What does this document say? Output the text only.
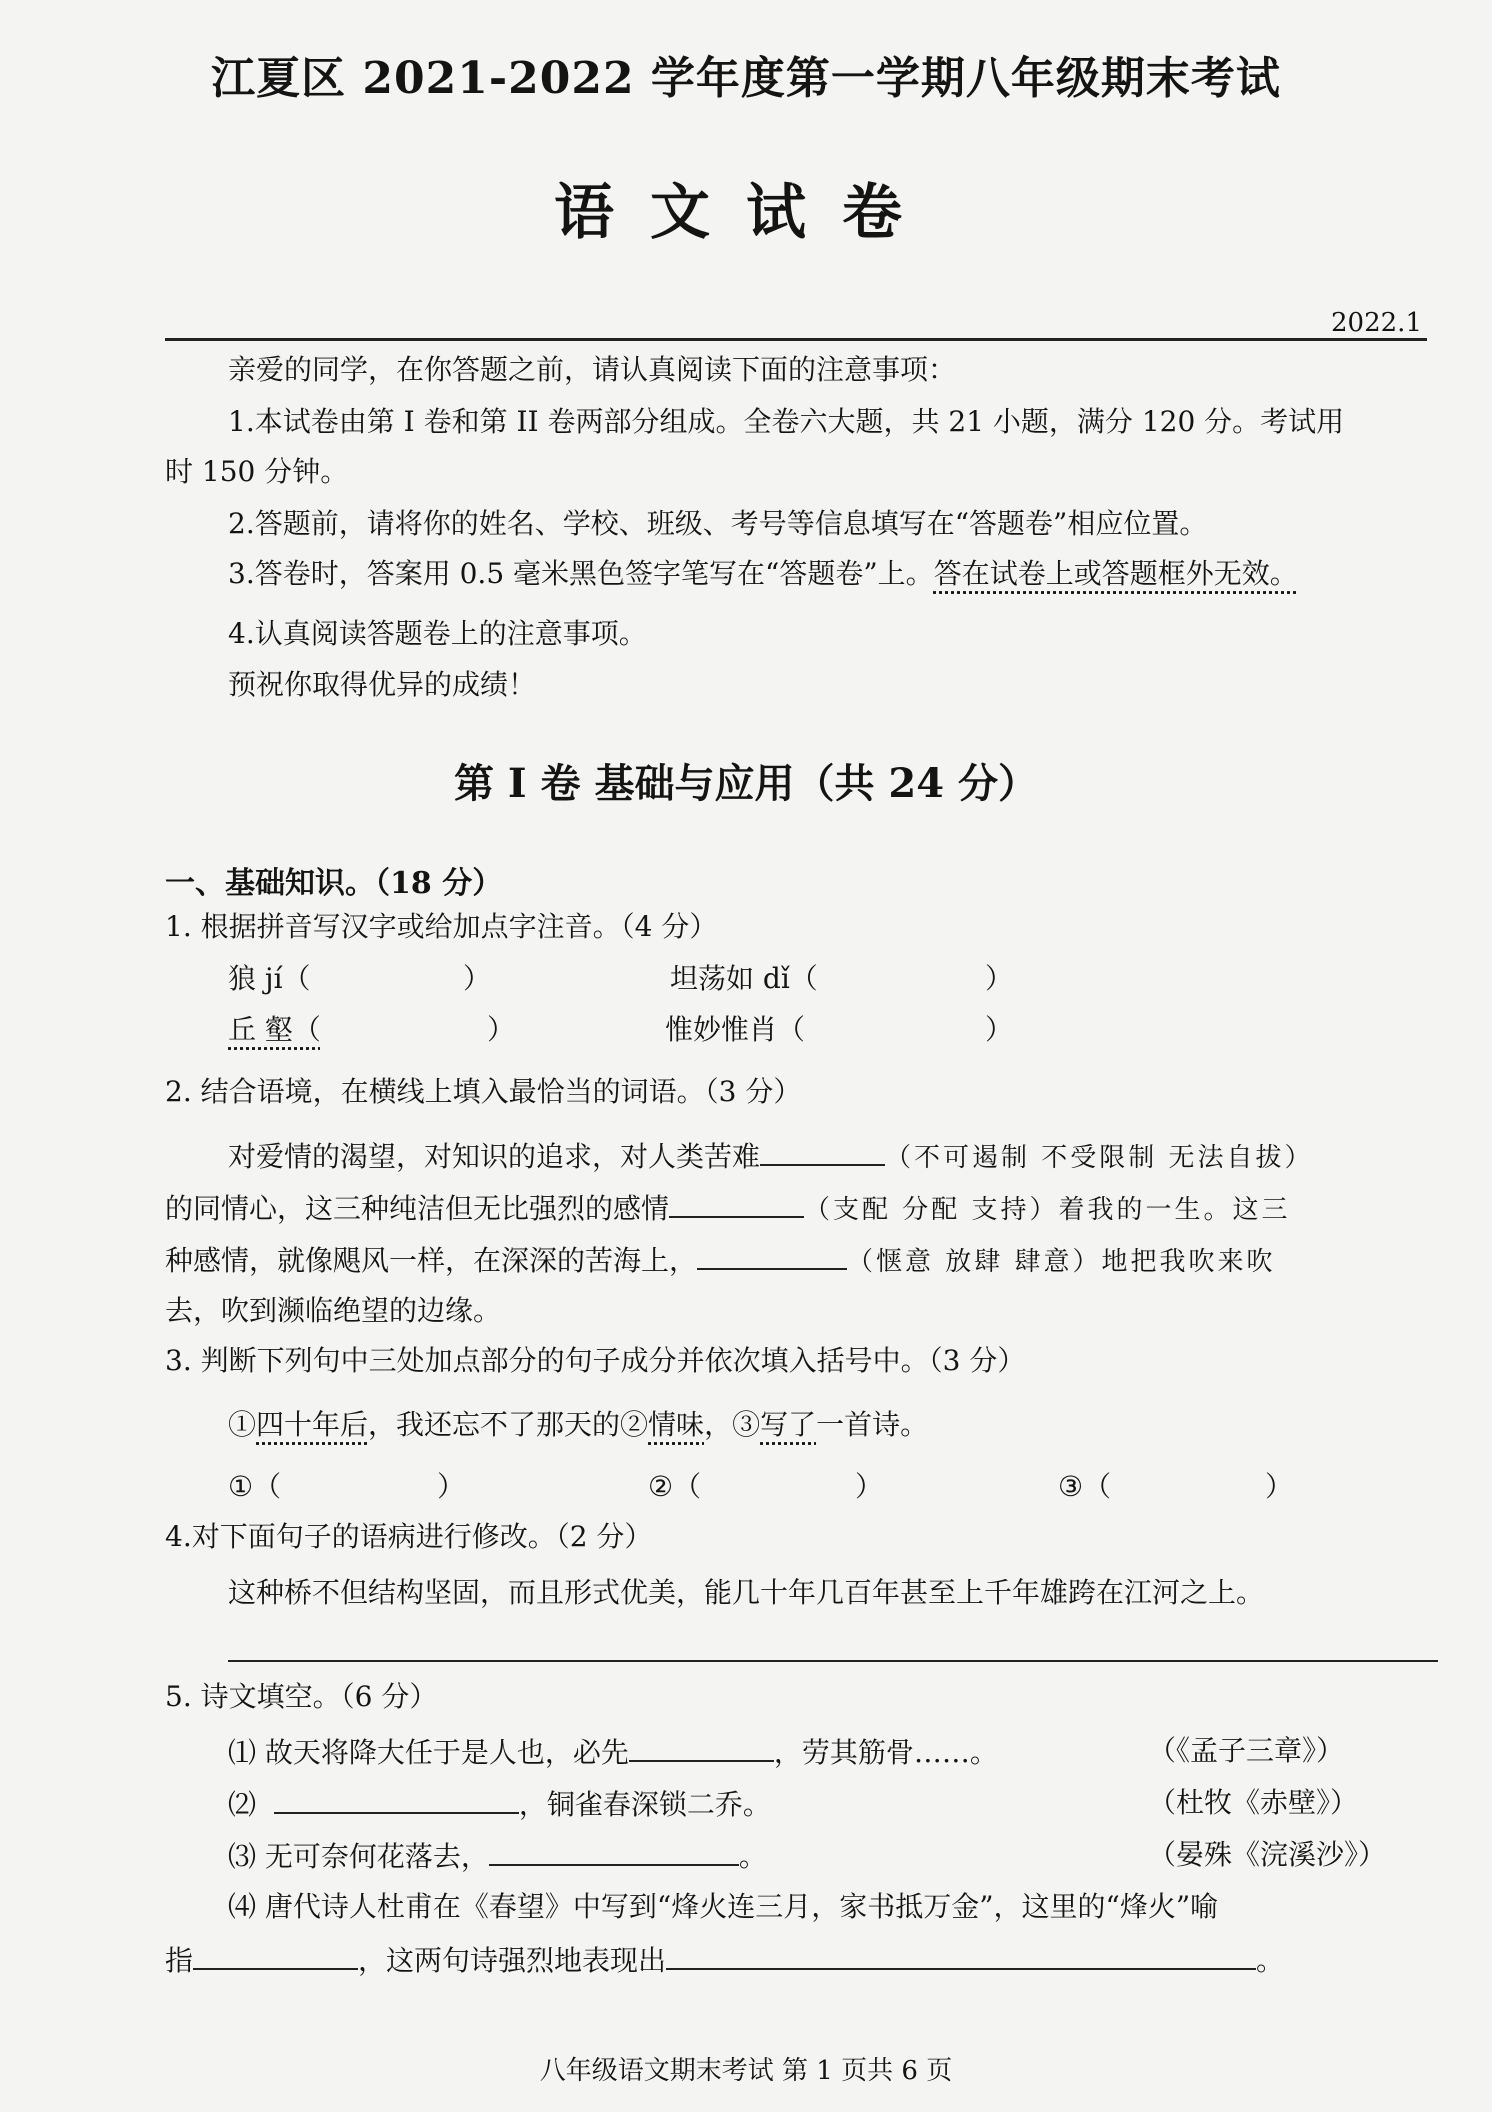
江夏区 2021-2022 学年度第一学期八年级期末考试
语文试卷
2022.1
亲爱的同学，在你答题之前，请认真阅读下面的注意事项：
1.本试卷由第 I 卷和第 II 卷两部分组成。全卷六大题，共 21 小题，满分 120 分。考试用
时 150 分钟。
2.答题前，请将你的姓名、学校、班级、考号等信息填写在“答题卷”相应位置。
3.答卷时，答案用 0.5 毫米黑色签字笔写在“答题卷”上。答在试卷上或答题框外无效。
4.认真阅读答题卷上的注意事项。
预祝你取得优异的成绩！
第 I 卷 基础与应用（共 24 分）
一、基础知识。（18 分）
1. 根据拼音写汉字或给加点字注音。（4 分）
狼 jí（	）	坦荡如 dǐ（	）
丘 壑（	）	惟妙惟肖（	）
2. 结合语境，在横线上填入最恰当的词语。（3 分）
对爱情的渴望，对知识的追求，对人类苦难	（不可遏制 不受限制 无法自拔）
的同情心，这三种纯洁但无比强烈的感情	（支配 分配 支持）着我的一生。这三
种感情，就像飓风一样，在深深的苦海上，	（惬意 放肆 肆意）地把我吹来吹
去，吹到濒临绝望的边缘。
3. 判断下列句中三处加点部分的句子成分并依次填入括号中。（3 分）
①四十年后，我还忘不了那天的②情味，③写了一首诗。
①（	）	②（	）	③（	）
4.对下面句子的语病进行修改。（2 分）
这种桥不但结构坚固，而且形式优美，能几十年几百年甚至上千年雄跨在江河之上。
5. 诗文填空。（6 分）
⑴ 故天将降大任于是人也，必先	，劳其筋骨……。	（《孟子三章》）
⑵	，铜雀春深锁二乔。	（杜牧《赤壁》）
⑶ 无可奈何花落去，	。	（晏殊《浣溪沙》）
⑷ 唐代诗人杜甫在《春望》中写到“烽火连三月，家书抵万金”，这里的“烽火”喻
指	，这两句诗强烈地表现出	。
八年级语文期末考试 第 1 页共 6 页
